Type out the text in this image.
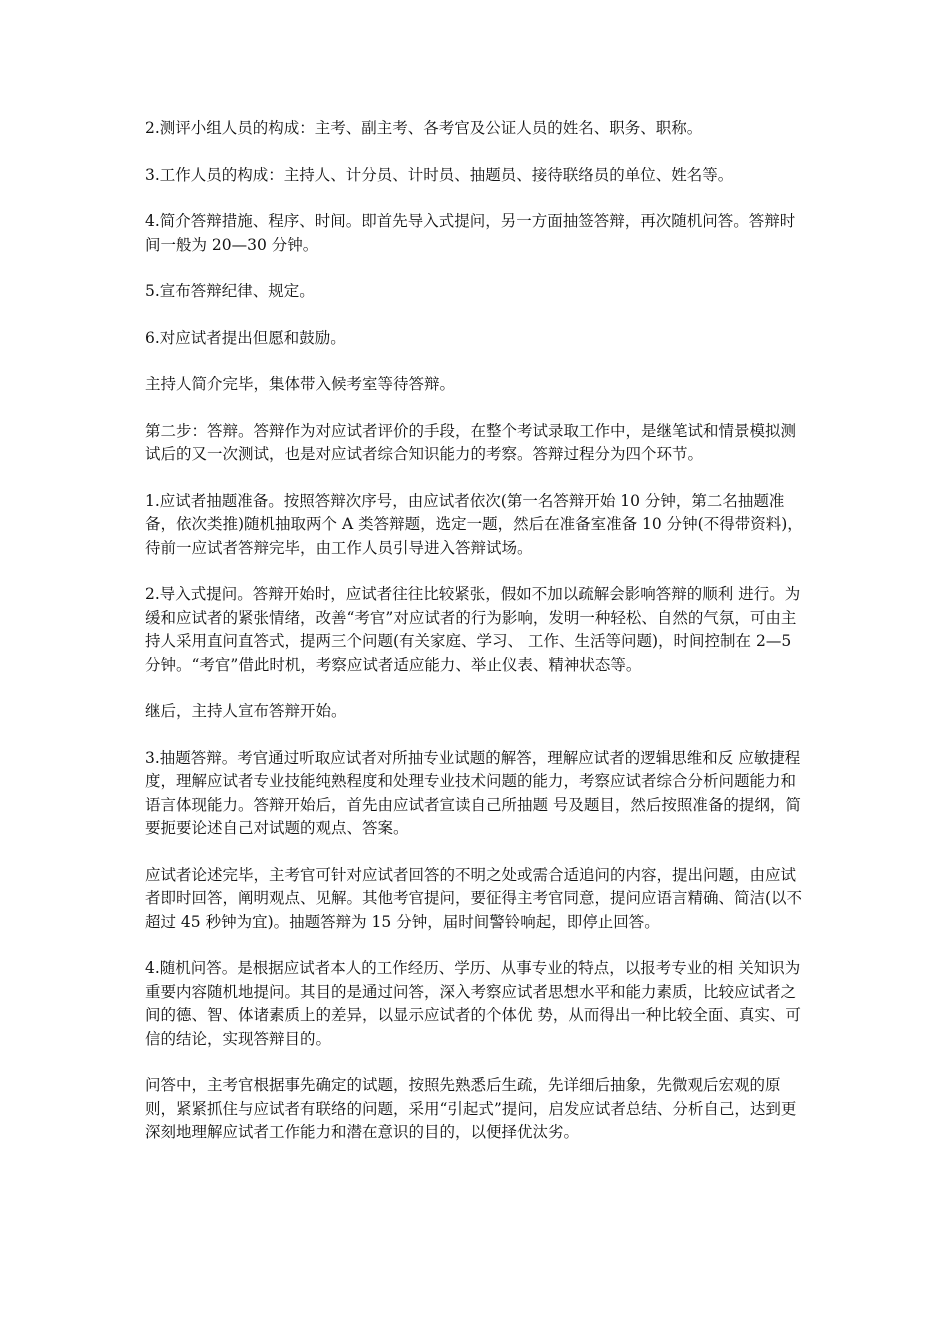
2.测评小组人员的构成：主考、副主考、各考官及公证人员的姓名、职务、职称。

3.工作人员的构成：主持人、计分员、计时员、抽题员、接待联络员的单位、姓名等。

4.简介答辩措施、程序、时间。即首先导入式提问，另一方面抽签答辩，再次随机问答。答辩时间一般为 20—30 分钟。

5.宣布答辩纪律、规定。

6.对应试者提出但愿和鼓励。

主持人简介完毕，集体带入候考室等待答辩。

第二步：答辩。答辩作为对应试者评价的手段，在整个考试录取工作中，是继笔试和情景模拟测试后的又一次测试，也是对应试者综合知识能力的考察。答辩过程分为四个环节。

1.应试者抽题准备。按照答辩次序号，由应试者依次(第一名答辩开始 10 分钟，第二名抽题准备，依次类推)随机抽取两个 A 类答辩题，选定一题，然后在准备室准备 10 分钟(不得带资料)，待前一应试者答辩完毕，由工作人员引导进入答辩试场。

2.导入式提问。答辩开始时，应试者往往比较紧张，假如不加以疏解会影响答辩的顺利 进行。为缓和应试者的紧张情绪，改善“考官”对应试者的行为影响，发明一种轻松、自然的气氛，可由主持人采用直问直答式，提两三个问题(有关家庭、学习、 工作、生活等问题)，时间控制在 2—5 分钟。“考官”借此时机，考察应试者适应能力、举止仪表、精神状态等。

继后，主持人宣布答辩开始。

3.抽题答辩。考官通过听取应试者对所抽专业试题的解答，理解应试者的逻辑思维和反 应敏捷程度，理解应试者专业技能纯熟程度和处理专业技术问题的能力，考察应试者综合分析问题能力和语言体现能力。答辩开始后，首先由应试者宣读自己所抽题 号及题目，然后按照准备的提纲，简要扼要论述自己对试题的观点、答案。

应试者论述完毕，主考官可针对应试者回答的不明之处或需合适追问的内容，提出问题，由应试者即时回答，阐明观点、见解。其他考官提问，要征得主考官同意，提问应语言精确、简洁(以不超过 45 秒钟为宜)。抽题答辩为 15 分钟，届时间警铃响起，即停止回答。

4.随机问答。是根据应试者本人的工作经历、学历、从事专业的特点，以报考专业的相 关知识为重要内容随机地提问。其目的是通过问答，深入考察应试者思想水平和能力素质，比较应试者之间的德、智、体诸素质上的差异，以显示应试者的个体优 势，从而得出一种比较全面、真实、可信的结论，实现答辩目的。

问答中，主考官根据事先确定的试题，按照先熟悉后生疏，先详细后抽象，先微观后宏观的原则，紧紧抓住与应试者有联络的问题，采用“引起式”提问，启发应试者总结、分析自己，达到更深刻地理解应试者工作能力和潜在意识的目的，以便择优汰劣。
